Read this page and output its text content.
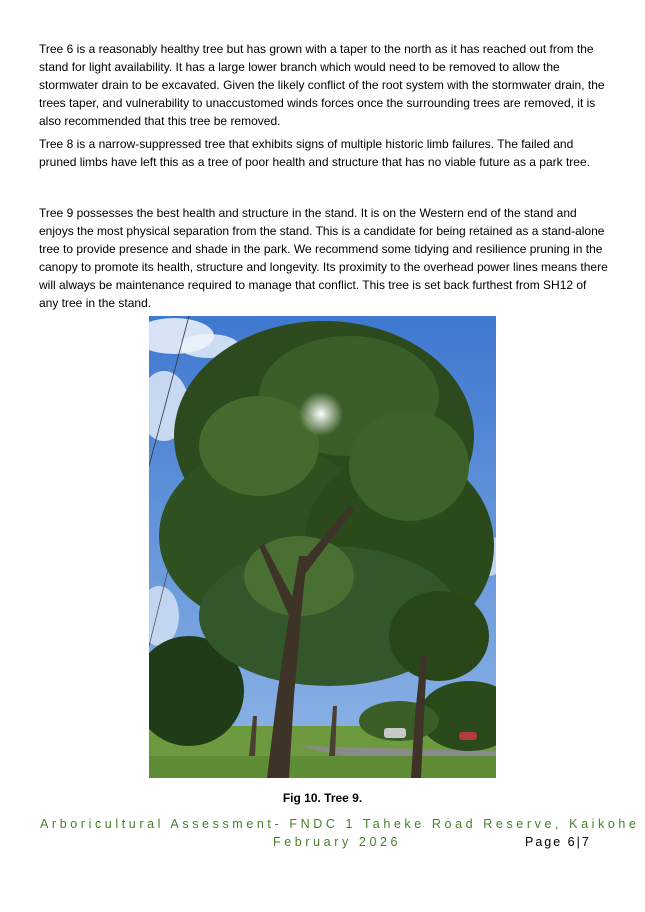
Tree 6 is a reasonably healthy tree but has grown with a taper to the north as it has reached out from the stand for light availability. It has a large lower branch which would need to be removed to allow the stormwater drain to be excavated. Given the likely conflict of the root system with the stormwater drain, the trees taper, and vulnerability to unaccustomed winds forces once the surrounding trees are removed, it is also recommended that this tree be removed.

Tree 8 is a narrow-suppressed tree that exhibits signs of multiple historic limb failures. The failed and pruned limbs have left this as a tree of poor health and structure that has no viable future as a park tree.

Tree 9 possesses the best health and structure in the stand. It is on the Western end of the stand and enjoys the most physical separation from the stand. This is a candidate for being retained as a stand-alone tree to provide presence and shade in the park. We recommend some tidying and resilience pruning in the canopy to promote its health, structure and longevity. Its proximity to the overhead power lines means there will always be maintenance required to manage that conflict. This tree is set back furthest from SH12 of any tree in the stand.

Fig 10. Tree 9.

Arboricultural Assessment- FNDC 1 Taheke Road Reserve, Kaikohe

February 2026	Page 6|7
